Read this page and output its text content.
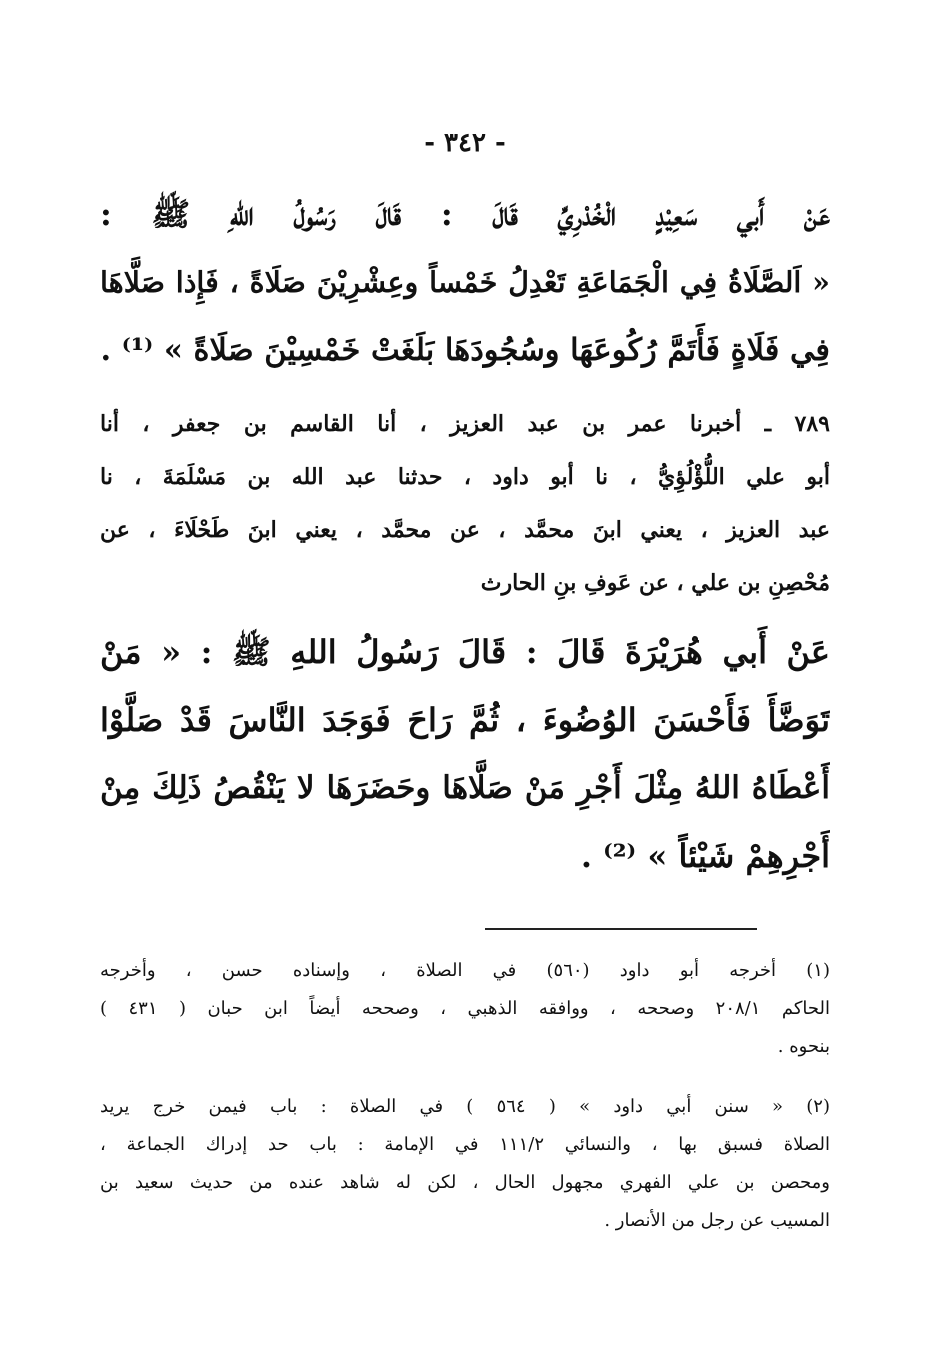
- ٣٤٢ -
عَنْ أَبي سَعِيْدٍ الْخُدْرِيِّ قَالَ : قَالَ رَسُولُ اللهِ ﷺ :
« اَلصَّلَاةُ فِي الْجَمَاعَةِ تَعْدِلُ خَمْساً وعِشْرِيْنَ صَلَاةً ، فَإِذا صَلَّاهَا
فِي فَلَاةٍ فَأَتَمَّ رُكُوعَهَا وسُجُودَهَا بَلَغَتْ خَمْسِيْنَ صَلَاةً » ⁽¹⁾ .
٧٨٩ ـ أخبرنا عمر بن عبد العزيز ، أنا القاسم بن جعفر ، أنا
أبو علي اللُّؤْلُؤِيُّ ، نا أبو داود ، حدثنا عبد الله بن مَسْلَمَةَ ، نا
عبد العزيز ، يعني ابنَ محمَّد ، عن محمَّد ، يعني ابنَ طَحْلَاءَ ، عن
مُحْصِنِ بن علي ، عن عَوفِ بنِ الحارث
عَنْ أَبي هُرَيْرَةَ قَالَ : قَالَ رَسُولُ اللهِ ﷺ : « مَنْ
تَوَضَّأَ فَأَحْسَنَ الوُضُوءَ ، ثُمَّ رَاحَ فَوَجَدَ النَّاسَ قَدْ صَلَّوْا
أَعْطَاهُ اللهُ مِثْلَ أَجْرِ مَنْ صَلَّاهَا وحَضَرَهَا لا يَنْقُصُ ذَلِكَ مِنْ
أَجْرِهِمْ شَيْئاً » ⁽²⁾ .
(١) أخرجه أبو داود (٥٦٠) في الصلاة ، وإسناده حسن ، وأخرجه
الحاكم ٢٠٨/١ وصححه ، ووافقه الذهبي ، وصححه أيضاً ابن حبان ( ٤٣١ )
بنحوه .
(٢) « سنن أبي داود » ( ٥٦٤ ) في الصلاة : باب فيمن خرج يريد
الصلاة فسبق بها ، والنسائي ١١١/٢ في الإمامة : باب حد إدراك الجماعة ،
ومحصن بن علي الفهري مجهول الحال ، لكن له شاهد عنده من حديث سعيد بن
المسيب عن رجل من الأنصار .
